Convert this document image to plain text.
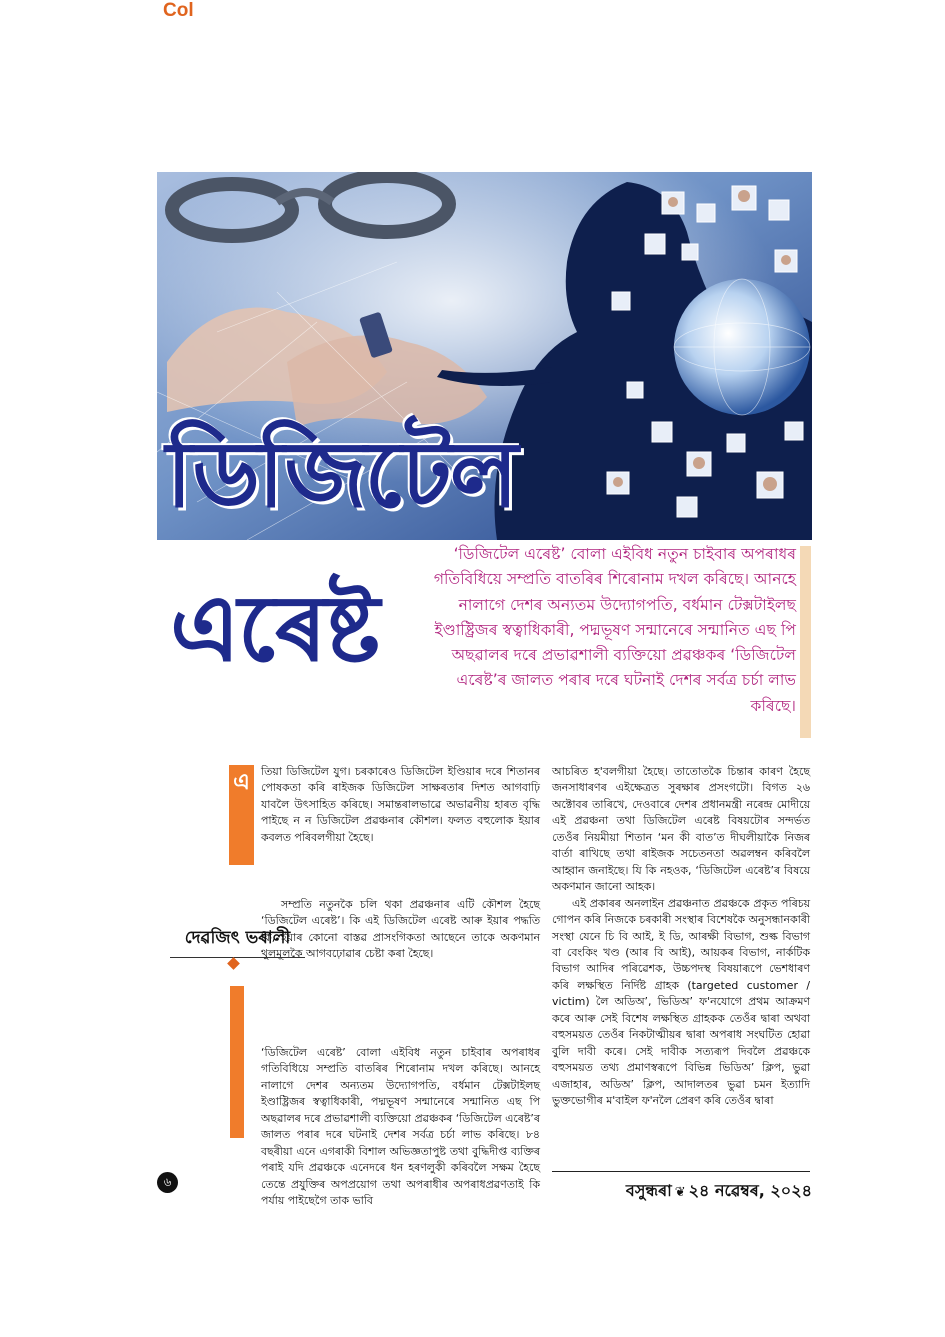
Col
ডিজিটেল
এৰেষ্ট
‘ডিজিটেল এৰেষ্ট’ বোলা এইবিধ নতুন চাইবাৰ অপৰাধৰ গতিবিধিয়ে সম্প্ৰতি বাতৰিৰ শিৰোনাম দখল কৰিছে। আনহে নালাগে দেশৰ অন্যতম উদ্যোগপতি, বৰ্ধমান টেক্সটাইলছ ইণ্ডাষ্ট্ৰিজৰ স্বত্বাধিকাৰী, পদ্মভূষণ সন্মানেৰে সন্মানিত এছ পি অছৱালৰ দৰে প্ৰভাৱশালী ব্যক্তিয়ো প্ৰৱঞ্চকৰ ‘ডিজিটেল এৰেষ্ট’ৰ জালত পৰাৰ দৰে ঘটনাই দেশৰ সৰ্বত্ৰ চৰ্চা লাভ কৰিছে।
এ	তিয়া ডিজিটেল যুগ। চৰকাৰেও ডিজিটেল ইণ্ডিয়াৰ দৰে শিতানৰ পোষকতা কৰি ৰাইজক ডিজিটেল সাক্ষৰতাৰ দিশত আগবাঢ়ি যাবলৈ উৎসাহিত কৰিছে। সমান্তৰালভাৱে অভাৱনীয় হাৰত বৃদ্ধি পাইছে ন ন ডিজিটেল প্ৰৱঞ্চনাৰ কৌশল। ফলত বহুলোক ইয়াৰ কবলত পৰিবলগীয়া হৈছে।

সম্প্ৰতি নতুনকৈ চলি থকা প্ৰৱঞ্চনাৰ এটি কৌশল হৈছে ‘ডিজিটেল এৰেষ্ট’। কি এই ডিজিটেল এৰেষ্ট আৰু ইয়াৰ পদ্ধতি কি, ইয়াৰ কোনো বাস্তৱ প্ৰাসংগিকতা আছেনে তাকে অকণমান থুলমূলকৈ আগবঢ়োৱাৰ চেষ্টা কৰা হৈছে।

‘ডিজিটেল এৰেষ্ট’ বোলা এইবিধ নতুন চাইবাৰ অপৰাধৰ গতিবিধিয়ে সম্প্ৰতি বাতৰিৰ শিৰোনাম দখল কৰিছে। আনহে নালাগে দেশৰ অন্যতম উদ্যোগপতি, বৰ্ধমান টেক্সটাইলছ ইণ্ডাষ্ট্ৰিজৰ স্বত্বাধিকাৰী, পদ্মভূষণ সন্মানেৰে সন্মানিত এছ পি অছৱালৰ দৰে প্ৰভাৱশালী ব্যক্তিয়ো প্ৰৱঞ্চকৰ ‘ডিজিটেল এৰেষ্ট’ৰ জালত পৰাৰ দৰে ঘটনাই দেশৰ সৰ্বত্ৰ চৰ্চা লাভ কৰিছে। ৮৪ বছৰীয়া এনে এগৰাকী বিশাল অভিজ্ঞতাপুষ্ট তথা বুদ্ধিদীপ্ত ব্যক্তিৰ পৰাই যদি প্ৰৱঞ্চকে এনেদৰে ধন হৰণলুকী কৰিবলৈ সক্ষম হৈছে তেন্তে প্ৰযুক্তিৰ অপপ্ৰয়োগ তথা অপৰাধীৰ অপৰাধপ্ৰৱণতাই কি পৰ্যায় পাইছেগৈ তাক ভাবি

দেৱজিৎ ভৰালী

আচৰিত হ'বলগীয়া হৈছে। তাতোতকৈ চিন্তাৰ কাৰণ হৈছে জনসাধাৰণৰ এইক্ষেত্ৰত সুৰক্ষাৰ প্ৰসংগটো। বিগত ২৬ অক্টোবৰ তাৰিখে, দেওবাৰে দেশৰ প্ৰধানমন্ত্ৰী নৰেন্দ্ৰ মোদীয়ে এই প্ৰৱঞ্চনা তথা ডিজিটেল এৰেষ্ট বিষয়টোৰ সন্দৰ্ভত তেওঁৰ নিয়মীয়া শিতান ‘মন কী বাত’ত দীঘলীয়াকৈ নিজৰ বাৰ্তা ৰাখিছে তথা ৰাইজক সচেতনতা অৱলম্বন কৰিবলৈ আহ্বান জনাইছে। যি কি নহওক, ‘ডিজিটেল এৰেষ্ট’ৰ বিষয়ে অকণমান জানো আহক।

এই প্ৰকাৰৰ অনলাইন প্ৰৱঞ্চনাত প্ৰৱঞ্চকে প্ৰকৃত পৰিচয় গোপন কৰি নিজকে চৰকাৰী সংস্থাৰ বিশেষকৈ অনুসন্ধানকাৰী সংস্থা যেনে চি বি আই, ই ডি, আৰক্ষী বিভাগ, শুল্ক বিভাগ বা বেংকিং খণ্ড (আৰ বি আই), আয়কৰ বিভাগ, নাৰ্কটিক বিভাগ আদিৰ পৰিৱেশক, উচ্চপদস্থ বিষয়াৰূপে ভেশধাৰণ কৰি লক্ষস্থিত নিৰ্দিষ্ট গ্ৰাহক (targeted customer / victim) লৈ অডিঅ’, ভিডিঅ’ ফ'নযোগে প্ৰথম আক্ৰমণ কৰে আৰু সেই বিশেষ লক্ষস্থিত গ্ৰাহকক তেওঁৰ দ্বাৰা অথবা বহুসময়ত তেওঁৰ নিকটাত্মীয়ৰ দ্বাৰা অপৰাধ সংঘটিত হোৱা বুলি দাবী কৰে। সেই দাবীক সত্যৰূপ দিবলৈ প্ৰৱঞ্চকে বহুসময়ত তথ্য প্ৰমাণস্বৰূপে বিভিন্ন ভিডিঅ’ ক্লিপ, ভুৱা এজাহাৰ, অডিঅ’ ক্লিপ, আদালতৰ ভুৱা চমন ইত্যাদি ভুক্তভোগীৰ ম'বাইল ফ'নলৈ প্ৰেৰণ কৰি তেওঁৰ দ্বাৰা

৬	বসুন্ধৰা ❦ ২৪ নৱেম্বৰ, ২০২৪
